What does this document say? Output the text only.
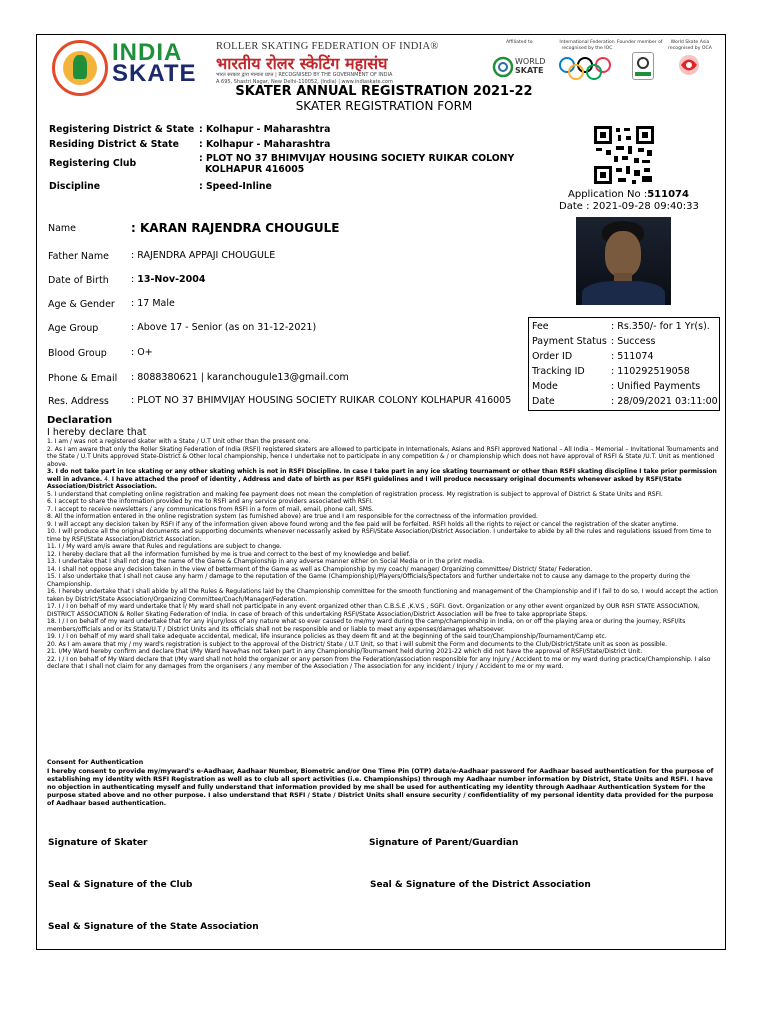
INDIA
SKATE
ROLLER SKATING FEDERATION OF INDIA®
भारतीय रोलर स्केटिंग महासंघ
भारत सरकार द्वारा मान्यता प्राप्त | RECOGNISED BY THE GOVERNMENT OF INDIA
A 695, Shastri Nagar, New Delhi-110052, (India) | www.indiaskate.com
Affiliated to	International Federation recognised by the IOC
Founder member of	World Skate Asia recognised by OCA
WORLD
SKATE
SKATER ANNUAL REGISTRATION 2021-22
SKATER REGISTRATION FORM
Registering District & State : Kolhapur - Maharashtra
Residing District & State : Kolhapur - Maharashtra
Registering Club	: PLOT NO 37 BHIMVIJAY HOUSING SOCIETY RUIKAR COLONY
KOLHAPUR 416005
Discipline	: Speed-Inline
Application No :511074
Date : 2021-09-28 09:40:33
Name	: KARAN RAJENDRA CHOUGULE
Father Name : RAJENDRA APPAJI CHOUGULE
Date of Birth : 13-Nov-2004
Age & Gender : 17 Male
Age Group	: Above 17 - Senior (as on 31-12-2021)
Blood Group	: O+
Phone & Email : 8088380621 | karanchougule13@gmail.com
Res. Address : PLOT NO 37 BHIMVIJAY HOUSING SOCIETY RUIKAR COLONY KOLHAPUR 416005
Fee	: Rs.350/- for 1 Yr(s).
Payment Status : Success
Order ID	: 511074
Tracking ID	: 110292519058
Mode	: Unified Payments
Date	: 28/09/2021 03:11:00
Declaration
I hereby declare that

1. I am / was not a registered skater with a State / U.T Unit other than the present one.

2. As I am aware that only the Roller Skating Federation of India (RSFI) registered skaters are allowed to participate in Internationals, Asians and RSFI approved National – All India – Memorial – Invitational Tournaments and the State / U.T Units approved State-District & Other local championship, hence I undertake not to participate in any competition & / or championship which does not have approval of RSFI & State /U.T. Unit as mentioned above.

3. I do not take part in Ice skating or any other skating which is not in RSFI Discipline. In case I take part in any ice skating tournament or other than RSFI skating discipline I take prior permission well in advance. 4. I have attached the proof of identity , Address and date of birth as per RSFI guidelines and I will produce necessary original documents whenever asked by RSFI/State Association/District Association.

5. I understand that completing online registration and making fee payment does not mean the completion of registration process. My registration is subject to approval of District & State Units and RSFI.

6. I accept to share the information provided by me to RSFI and any service providers associated with RSFI.

7. I accept to receive newsletters / any communications from RSFI in a form of mail, email, phone call, SMS.

8. All the information entered in the online registration system (as furnished above) are true and I am responsible for the correctness of the information provided.

9. I will accept any decision taken by RSFI if any of the information given above found wrong and the fee paid will be forfeited. RSFI holds all the rights to reject or cancel the registration of the skater anytime.

10. I will produce all the original documents and supporting documents whenever necessarily asked by RSFI/State Association/District Association. I undertake to abide by all the rules and regulations issued from time to time by RSFI/State Association/District Association.

11. I / My ward am/is aware that Rules and regulations are subject to change.

12. I hereby declare that all the information furnished by me is true and correct to the best of my knowledge and belief.

13. I undertake that I shall not drag the name of the Game & Championship in any adverse manner either on Social Media or in the print media.

14. I shall not oppose any decision taken in the view of betterment of the Game as well as Championship by my coach/ manager/ Organizing committee/ District/ State/ Federation.

15. I also undertake that I shall not cause any harm / damage to the reputation of the Game (Championship)/Players/Officials/Spectators and further undertake not to cause any damage to the property during the Championship.

16. I hereby undertake that I shall abide by all the Rules & Regulations laid by the Championship committee for the smooth functioning and management of the Championship and if I fail to do so, I would accept the action taken by District/State Association/Organizing Committee/Coach/Manager/Federation.

17. I / I on behalf of my ward undertake that I/ My ward shall not participate in any event organized other than C.B.S.E ,K.V.S , SGFI. Govt. Organization or any other event organized by OUR RSFI STATE ASSOCIATION, DISTRICT ASSOCIATION & Roller Skating Federation of India. In case of breach of this undertaking RSFI/State Association/District Association will be free to take appropriate Steps.

18. I / I on behalf of my ward undertake that for any injury/loss of any nature what so ever caused to me/my ward during the camp/championship in India, on or off the playing area or during the journey, RSFI/its members/officials and or its State/U.T / District Units and its officials shall not be responsible and or liable to meet any expenses/damages whatsoever.

19. I / I on behalf of my ward shall take adequate accidental, medical, life insurance policies as they deem fit and at the beginning of the said tour/Championship/Tournament/Camp etc.

20. As I am aware that my / my ward's registration is subject to the approval of the District/ State / U.T Unit, so that i will submit the Form and documents to the Club/District/State unit as soon as possible.

21. I/My Ward hereby confirm and declare that I/My Ward have/has not taken part in any Championship/Tournament held during 2021-22 which did not have the approval of RSFI/State/District Unit.

22. I / I on behalf of My Ward declare that I/My ward shall not hold the organizer or any person from the Federation/association responsible for any Injury / Accident to me or my ward during practice/Championship. I also declare that I shall not claim for any damages from the organisers / any member of the Association / The association for any incident / Injury / Accident to me or my ward.

Consent for Authentication
I hereby consent to provide my/myward's e-Aadhaar, Aadhaar Number, Biometric and/or One Time Pin (OTP) data/e-Aadhaar password for Aadhaar based authentication for the purpose of establishing my identity with RSFI Registration as well as to club all sport activities (i.e. Championships) through my Aadhaar number information by District, State Units and RSFI. I have no objection in authenticating myself and fully understand that information provided by me shall be used for authenticating my identity through Aadhaar Authentication System for the purpose stated above and no other purpose. I also understand that RSFI / State / District Units shall ensure security / confidentiality of my personal identity data provided for the purpose of Aadhaar based authentication.
Signature of Skater	Signature of Parent/Guardian
Seal & Signature of the Club	Seal & Signature of the District Association
Seal & Signature of the State Association
